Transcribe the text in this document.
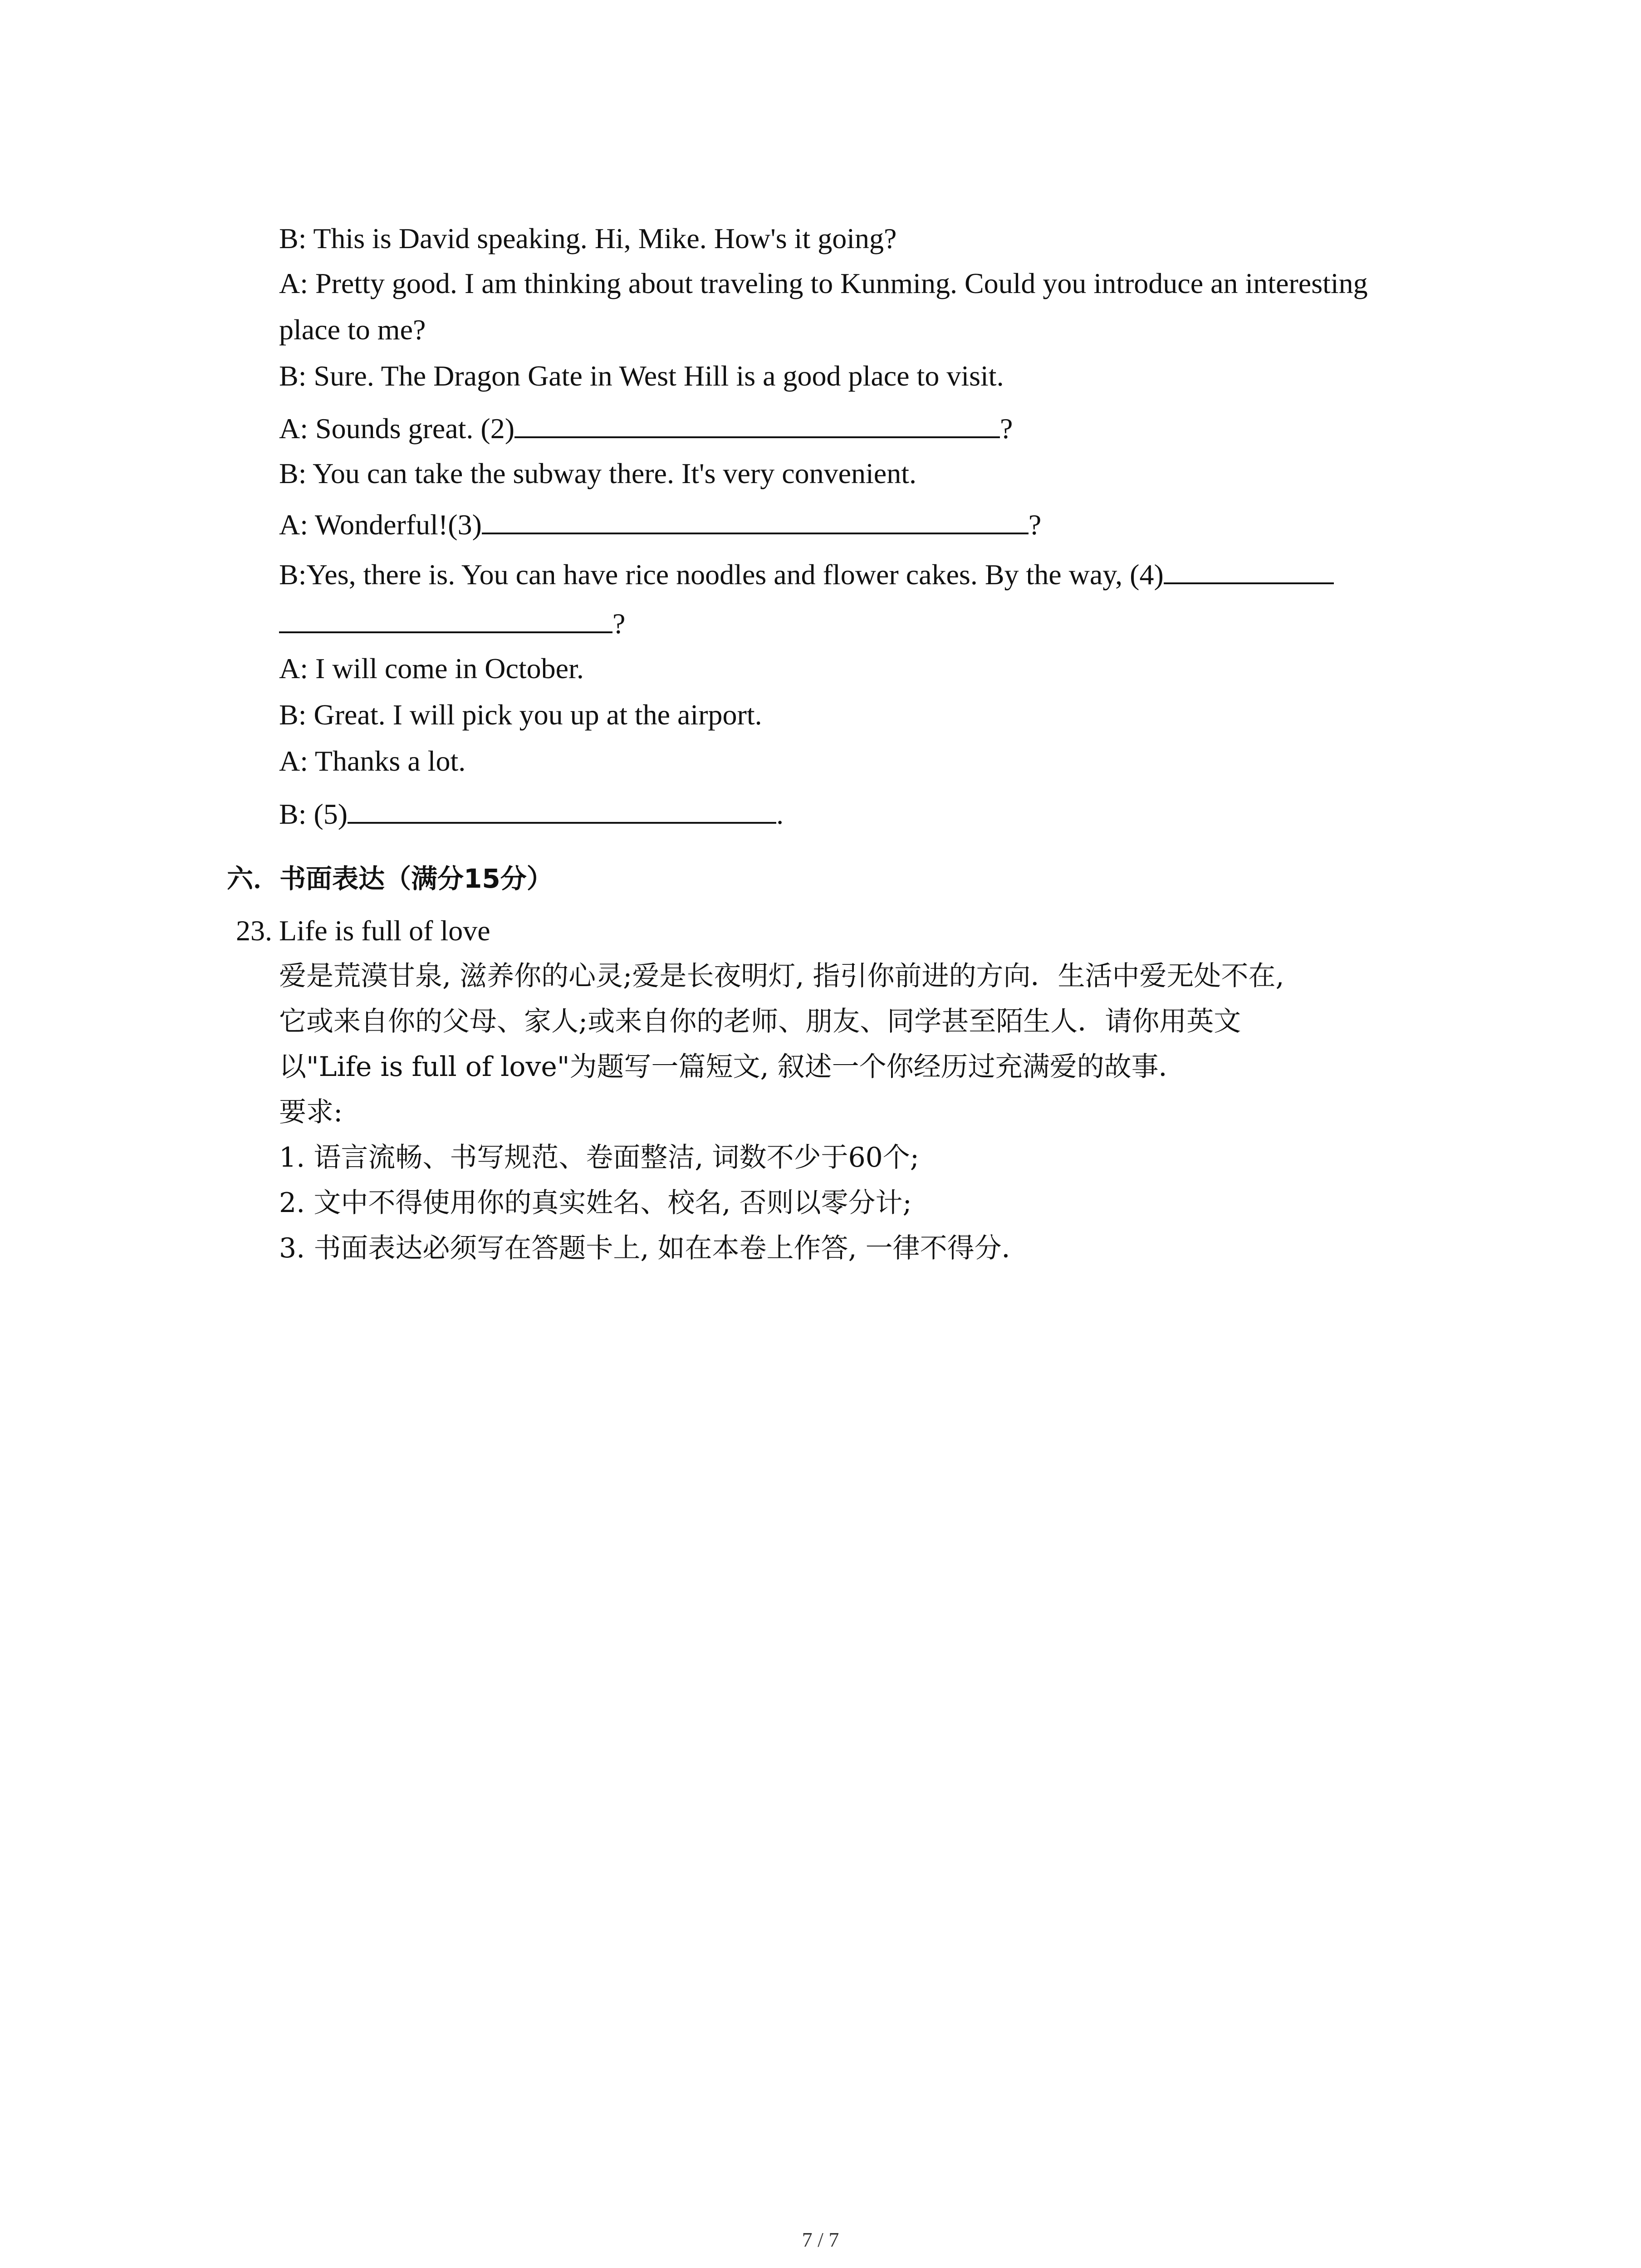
B: This is David speaking. Hi, Mike. How's it going?
A: Pretty good. I am thinking about traveling to Kunming. Could you introduce an interesting
place to me?
B: Sure. The Dragon Gate in West Hill is a good place to visit.
A: Sounds great. (2)	?
B: You can take the subway there. It's very convenient.
A: Wonderful!(3)	?
B:Yes, there is. You can have rice noodles and flower cakes. By the way, (4)
?
A: I will come in October.
B: Great. I will pick you up at the airport.
A: Thanks a lot.
B: (5)	.
六．书面表达（满分15分）
23. Life is full of love
爱是荒漠甘泉, 滋养你的心灵;爱是长夜明灯, 指引你前进的方向．生活中爱无处不在,
它或来自你的父母、家人;或来自你的老师、朋友、同学甚至陌生人．请你用英文
以"Life is full of love"为题写一篇短文, 叙述一个你经历过充满爱的故事．
要求:
1. 语言流畅、书写规范、卷面整洁, 词数不少于60个;
2. 文中不得使用你的真实姓名、校名, 否则以零分计;
3. 书面表达必须写在答题卡上, 如在本卷上作答, 一律不得分．
7 / 7
